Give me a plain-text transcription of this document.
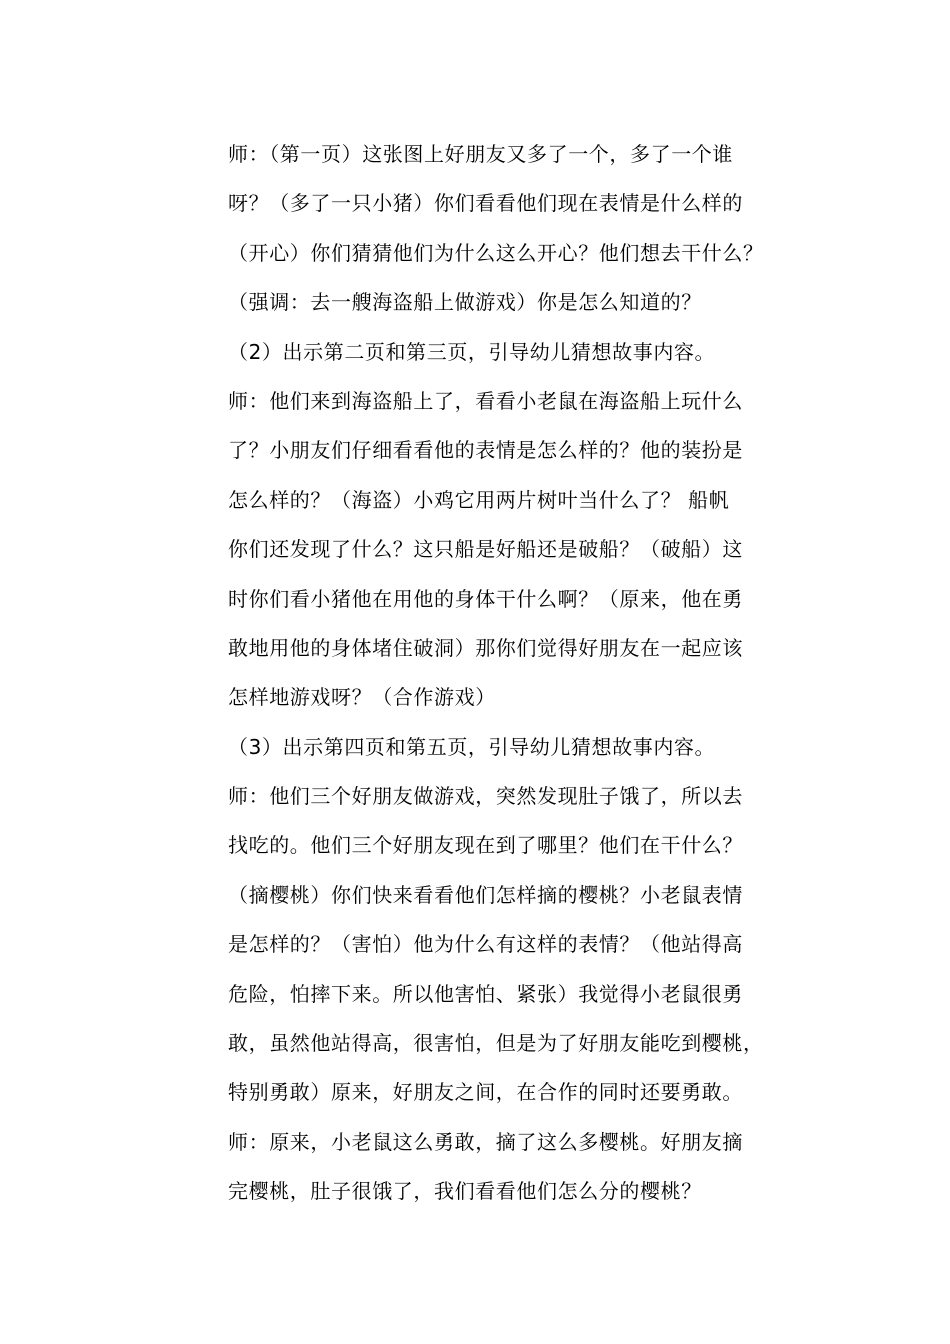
师：（第一页）这张图上好朋友又多了一个，多了一个谁
呀？（多了一只小猪）你们看看他们现在表情是什么样的
（开心）你们猜猜他们为什么这么开心？他们想去干什么？
（强调：去一艘海盗船上做游戏）你是怎么知道的？
（2）出示第二页和第三页，引导幼儿猜想故事内容。
师：他们来到海盗船上了，看看小老鼠在海盗船上玩什么
了？小朋友们仔细看看他的表情是怎么样的？他的装扮是
怎么样的？（海盗）小鸡它用两片树叶当什么了？ 船帆
你们还发现了什么？这只船是好船还是破船？（破船）这
时你们看小猪他在用他的身体干什么啊？（原来，他在勇
敢地用他的身体堵住破洞）那你们觉得好朋友在一起应该
怎样地游戏呀？（合作游戏）
（3）出示第四页和第五页，引导幼儿猜想故事内容。
师：他们三个好朋友做游戏，突然发现肚子饿了，所以去
找吃的。他们三个好朋友现在到了哪里？他们在干什么？
（摘樱桃）你们快来看看他们怎样摘的樱桃？小老鼠表情
是怎样的？（害怕）他为什么有这样的表情？（他站得高
危险，怕摔下来。所以他害怕、紧张）我觉得小老鼠很勇
敢，虽然他站得高，很害怕，但是为了好朋友能吃到樱桃，
特别勇敢）原来，好朋友之间，在合作的同时还要勇敢。
师：原来，小老鼠这么勇敢，摘了这么多樱桃。好朋友摘
完樱桃，肚子很饿了，我们看看他们怎么分的樱桃？
